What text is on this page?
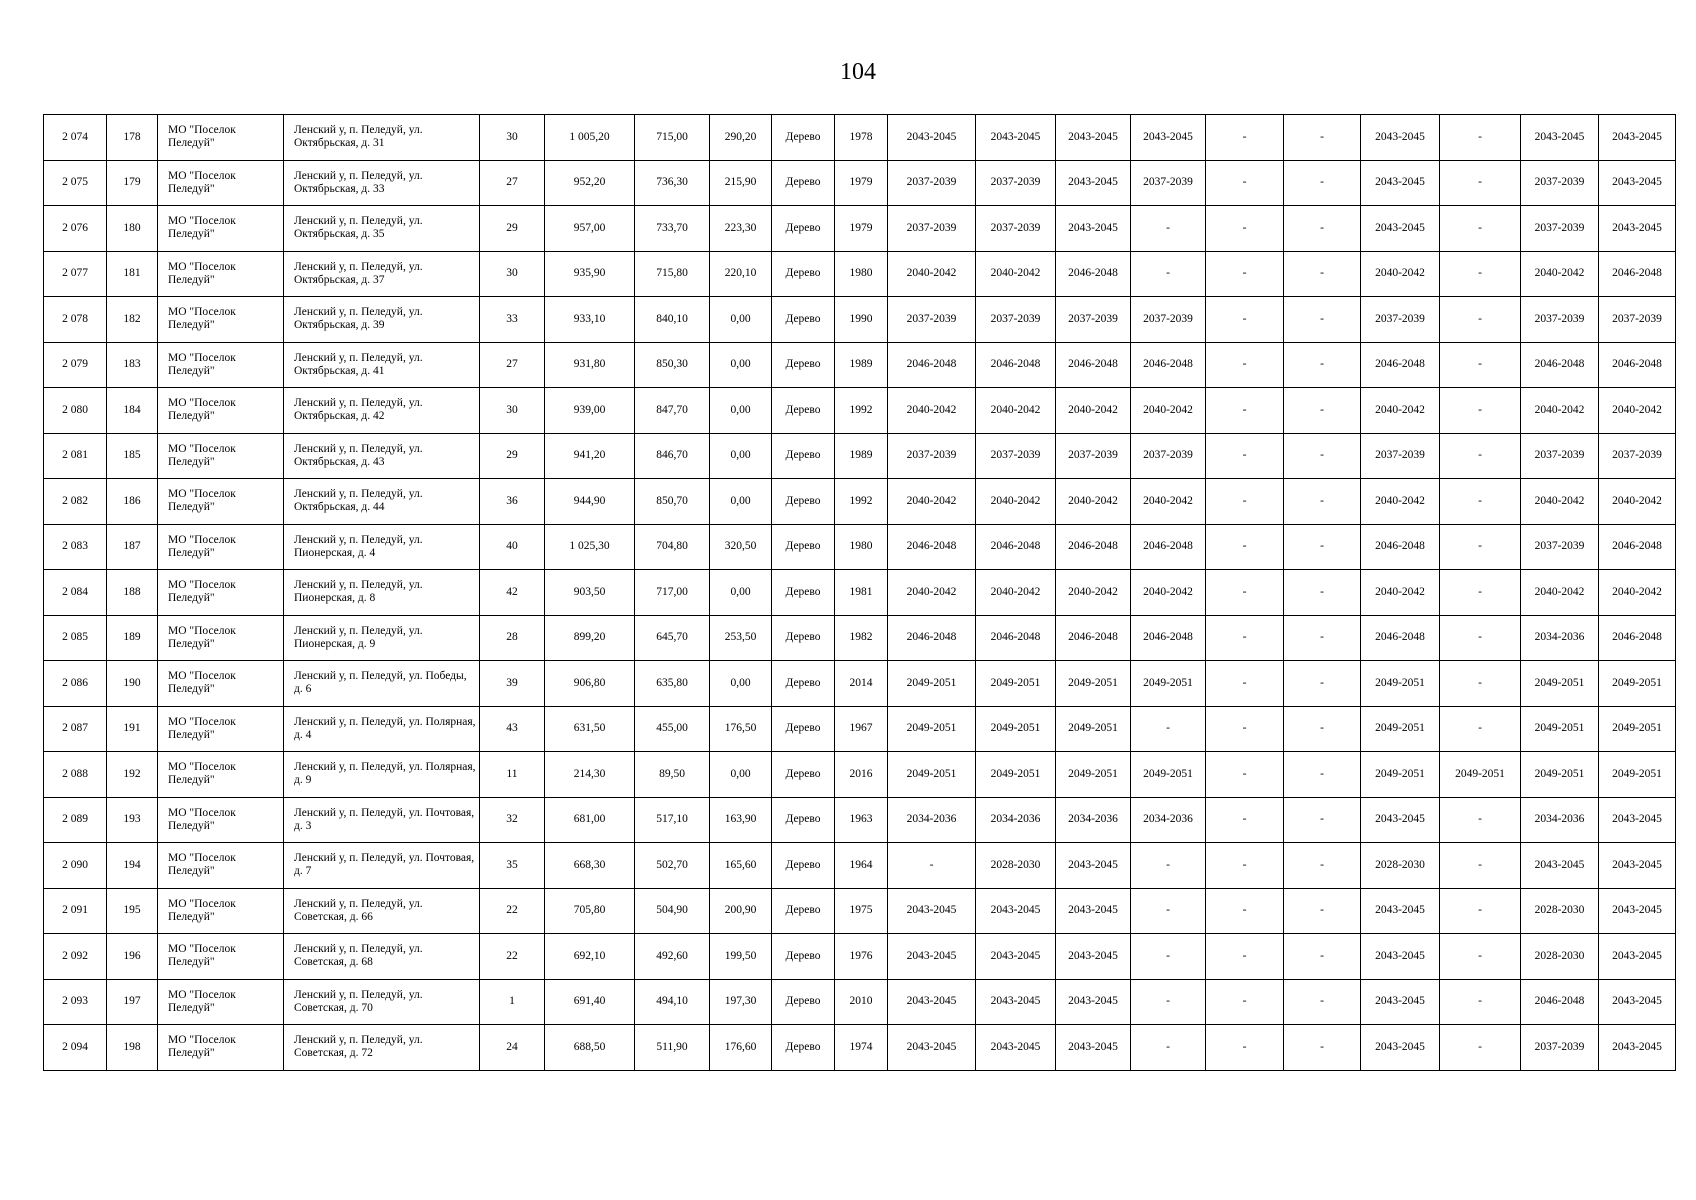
104
2 074	178	МО "Поселок Пеледуй"	Ленский у, п. Пеледуй, ул. Октябрьская, д. 31	30	1 005,20	715,00	290,20	Дерево	1978	2043-2045	2043-2045	2043-2045	2043-2045	-	-	2043-2045	-	2043-2045	2043-2045
2 075	179	МО "Поселок Пеледуй"	Ленский у, п. Пеледуй, ул. Октябрьская, д. 33	27	952,20	736,30	215,90	Дерево	1979	2037-2039	2037-2039	2043-2045	2037-2039	-	-	2043-2045	-	2037-2039	2043-2045
2 076	180	МО "Поселок Пеледуй"	Ленский у, п. Пеледуй, ул. Октябрьская, д. 35	29	957,00	733,70	223,30	Дерево	1979	2037-2039	2037-2039	2043-2045	-	-	-	2043-2045	-	2037-2039	2043-2045
2 077	181	МО "Поселок Пеледуй"	Ленский у, п. Пеледуй, ул. Октябрьская, д. 37	30	935,90	715,80	220,10	Дерево	1980	2040-2042	2040-2042	2046-2048	-	-	-	2040-2042	-	2040-2042	2046-2048
2 078	182	МО "Поселок Пеледуй"	Ленский у, п. Пеледуй, ул. Октябрьская, д. 39	33	933,10	840,10	0,00	Дерево	1990	2037-2039	2037-2039	2037-2039	2037-2039	-	-	2037-2039	-	2037-2039	2037-2039
2 079	183	МО "Поселок Пеледуй"	Ленский у, п. Пеледуй, ул. Октябрьская, д. 41	27	931,80	850,30	0,00	Дерево	1989	2046-2048	2046-2048	2046-2048	2046-2048	-	-	2046-2048	-	2046-2048	2046-2048
2 080	184	МО "Поселок Пеледуй"	Ленский у, п. Пеледуй, ул. Октябрьская, д. 42	30	939,00	847,70	0,00	Дерево	1992	2040-2042	2040-2042	2040-2042	2040-2042	-	-	2040-2042	-	2040-2042	2040-2042
2 081	185	МО "Поселок Пеледуй"	Ленский у, п. Пеледуй, ул. Октябрьская, д. 43	29	941,20	846,70	0,00	Дерево	1989	2037-2039	2037-2039	2037-2039	2037-2039	-	-	2037-2039	-	2037-2039	2037-2039
2 082	186	МО "Поселок Пеледуй"	Ленский у, п. Пеледуй, ул. Октябрьская, д. 44	36	944,90	850,70	0,00	Дерево	1992	2040-2042	2040-2042	2040-2042	2040-2042	-	-	2040-2042	-	2040-2042	2040-2042
2 083	187	МО "Поселок Пеледуй"	Ленский у, п. Пеледуй, ул. Пионерская, д. 4	40	1 025,30	704,80	320,50	Дерево	1980	2046-2048	2046-2048	2046-2048	2046-2048	-	-	2046-2048	-	2037-2039	2046-2048
2 084	188	МО "Поселок Пеледуй"	Ленский у, п. Пеледуй, ул. Пионерская, д. 8	42	903,50	717,00	0,00	Дерево	1981	2040-2042	2040-2042	2040-2042	2040-2042	-	-	2040-2042	-	2040-2042	2040-2042
2 085	189	МО "Поселок Пеледуй"	Ленский у, п. Пеледуй, ул. Пионерская, д. 9	28	899,20	645,70	253,50	Дерево	1982	2046-2048	2046-2048	2046-2048	2046-2048	-	-	2046-2048	-	2034-2036	2046-2048
2 086	190	МО "Поселок Пеледуй"	Ленский у, п. Пеледуй, ул. Победы, д. 6	39	906,80	635,80	0,00	Дерево	2014	2049-2051	2049-2051	2049-2051	2049-2051	-	-	2049-2051	-	2049-2051	2049-2051
2 087	191	МО "Поселок Пеледуй"	Ленский у, п. Пеледуй, ул. Полярная, д. 4	43	631,50	455,00	176,50	Дерево	1967	2049-2051	2049-2051	2049-2051	-	-	-	2049-2051	-	2049-2051	2049-2051
2 088	192	МО "Поселок Пеледуй"	Ленский у, п. Пеледуй, ул. Полярная, д. 9	11	214,30	89,50	0,00	Дерево	2016	2049-2051	2049-2051	2049-2051	2049-2051	-	-	2049-2051	2049-2051	2049-2051	2049-2051
2 089	193	МО "Поселок Пеледуй"	Ленский у, п. Пеледуй, ул. Почтовая, д. 3	32	681,00	517,10	163,90	Дерево	1963	2034-2036	2034-2036	2034-2036	2034-2036	-	-	2043-2045	-	2034-2036	2043-2045
2 090	194	МО "Поселок Пеледуй"	Ленский у, п. Пеледуй, ул. Почтовая, д. 7	35	668,30	502,70	165,60	Дерево	1964	-	2028-2030	2043-2045	-	-	-	2028-2030	-	2043-2045	2043-2045
2 091	195	МО "Поселок Пеледуй"	Ленский у, п. Пеледуй, ул. Советская, д. 66	22	705,80	504,90	200,90	Дерево	1975	2043-2045	2043-2045	2043-2045	-	-	-	2043-2045	-	2028-2030	2043-2045
2 092	196	МО "Поселок Пеледуй"	Ленский у, п. Пеледуй, ул. Советская, д. 68	22	692,10	492,60	199,50	Дерево	1976	2043-2045	2043-2045	2043-2045	-	-	-	2043-2045	-	2028-2030	2043-2045
2 093	197	МО "Поселок Пеледуй"	Ленский у, п. Пеледуй, ул. Советская, д. 70	1	691,40	494,10	197,30	Дерево	2010	2043-2045	2043-2045	2043-2045	-	-	-	2043-2045	-	2046-2048	2043-2045
2 094	198	МО "Поселок Пеледуй"	Ленский у, п. Пеледуй, ул. Советская, д. 72	24	688,50	511,90	176,60	Дерево	1974	2043-2045	2043-2045	2043-2045	-	-	-	2043-2045	-	2037-2039	2043-2045
